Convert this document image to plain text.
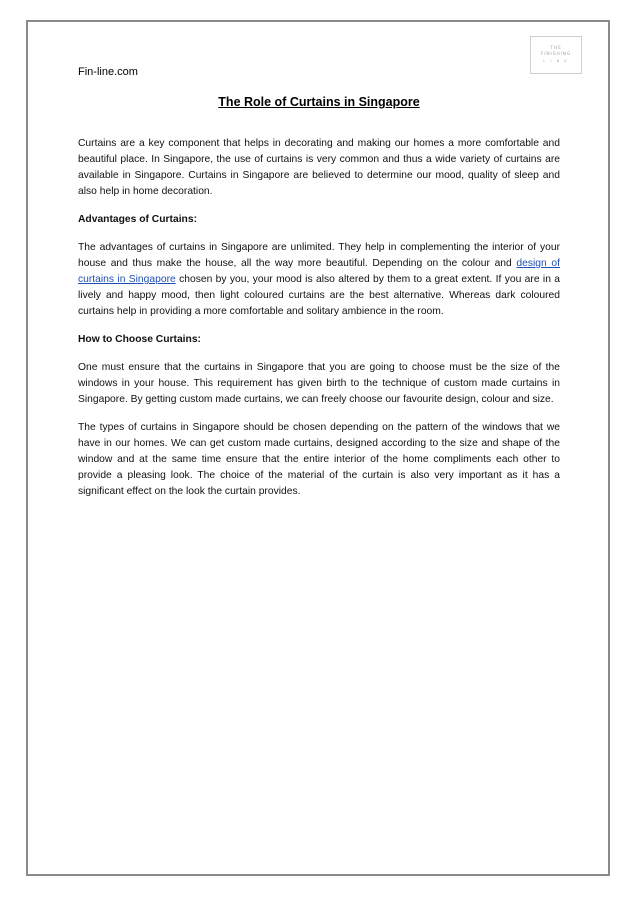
THE
FINISHING
L I N E
Fin-line.com
The Role of Curtains in Singapore

Curtains are a key component that helps in decorating and making our homes a more comfortable and beautiful place. In Singapore, the use of curtains is very common and thus a wide variety of curtains are available in Singapore. Curtains in Singapore are believed to determine our mood, quality of sleep and also help in home decoration.

Advantages of Curtains:

The advantages of curtains in Singapore are unlimited. They help in complementing the interior of your house and thus make the house, all the way more beautiful. Depending on the colour and design of curtains in Singapore chosen by you, your mood is also altered by them to a great extent. If you are in a lively and happy mood, then light coloured curtains are the best alternative. Whereas dark coloured curtains help in providing a more comfortable and solitary ambience in the room.

How to Choose Curtains:

One must ensure that the curtains in Singapore that you are going to choose must be the size of the windows in your house. This requirement has given birth to the technique of custom made curtains in Singapore. By getting custom made curtains, we can freely choose our favourite design, colour and size.

The types of curtains in Singapore should be chosen depending on the pattern of the windows that we have in our homes. We can get custom made curtains, designed according to the size and shape of the window and at the same time ensure that the entire interior of the home compliments each other to provide a pleasing look. The choice of the material of the curtain is also very important as it has a significant effect on the look the curtain provides.
